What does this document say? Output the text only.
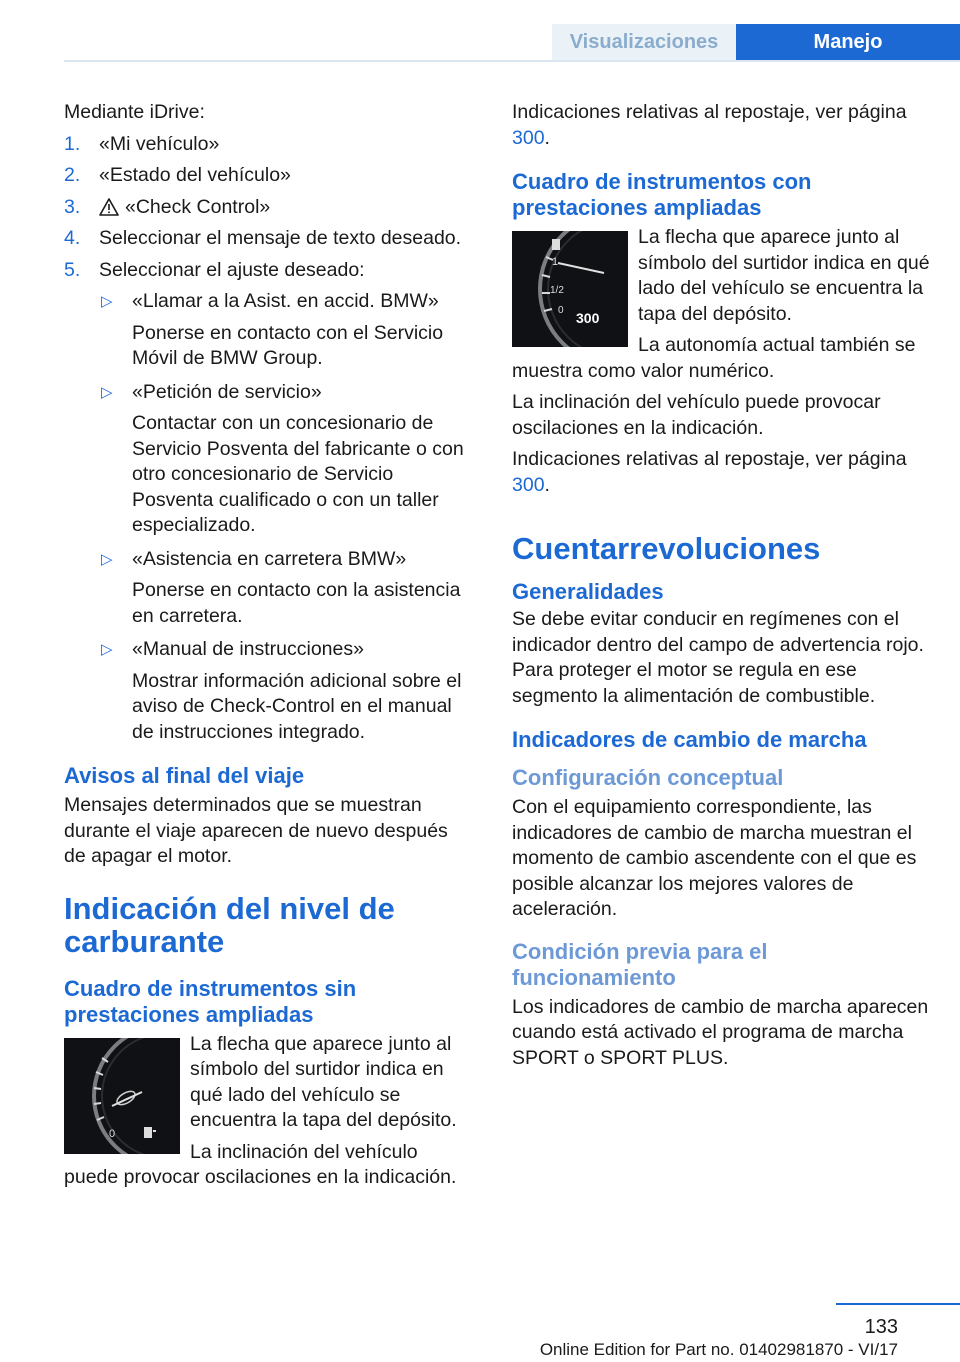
Visualizaciones	Manejo

Mediante iDrive:

1. «Mi vehículo»
2. «Estado del vehículo»
3. «Check Control»
4. Seleccionar el mensaje de texto deseado.
5. Seleccionar el ajuste deseado:
▷ «Llamar a la Asist. en accid. BMW»
Ponerse en contacto con el Servicio Móvil de BMW Group.
▷ «Petición de servicio»
Contactar con un concesionario de Servicio Posventa del fabricante o con otro concesionario de Servicio Posventa cualificado o con un taller especializado.
▷ «Asistencia en carretera BMW»
Ponerse en contacto con la asistencia en carretera.
▷ «Manual de instrucciones»
Mostrar información adicional sobre el aviso de Check-Control en el manual de instrucciones integrado.
Avisos al final del viaje

Mensajes determinados que se muestran durante el viaje aparecen de nuevo después de apagar el motor.

Indicación del nivel de carburante
Cuadro de instrumentos sin prestaciones ampliadas
0

La flecha que aparece junto al símbolo del surtidor indica en qué lado del vehículo se encuentra la tapa del depósito.

La inclinación del vehículo puede provocar oscilaciones en la indicación.

Indicaciones relativas al repostaje, ver página 300.

Cuadro de instrumentos con prestaciones ampliadas
1
1/2
0 300

La flecha que aparece junto al símbolo del surtidor indica en qué lado del vehículo se encuentra la tapa del depósito.

La autonomía actual también se muestra como valor numérico.

La inclinación del vehículo puede provocar oscilaciones en la indicación.

Indicaciones relativas al repostaje, ver página 300.

Cuentarrevoluciones
Generalidades

Se debe evitar conducir en regímenes con el indicador dentro del campo de advertencia rojo. Para proteger el motor se regula en ese segmento la alimentación de combustible.

Indicadores de cambio de marcha
Configuración conceptual

Con el equipamiento correspondiente, las indicadores de cambio de marcha muestran el momento de cambio ascendente con el que es posible alcanzar los mejores valores de aceleración.

Condición previa para el funcionamiento

Los indicadores de cambio de marcha aparecen cuando está activado el programa de marcha SPORT o SPORT PLUS.

133
Online Edition for Part no. 01402981870 - VI/17
